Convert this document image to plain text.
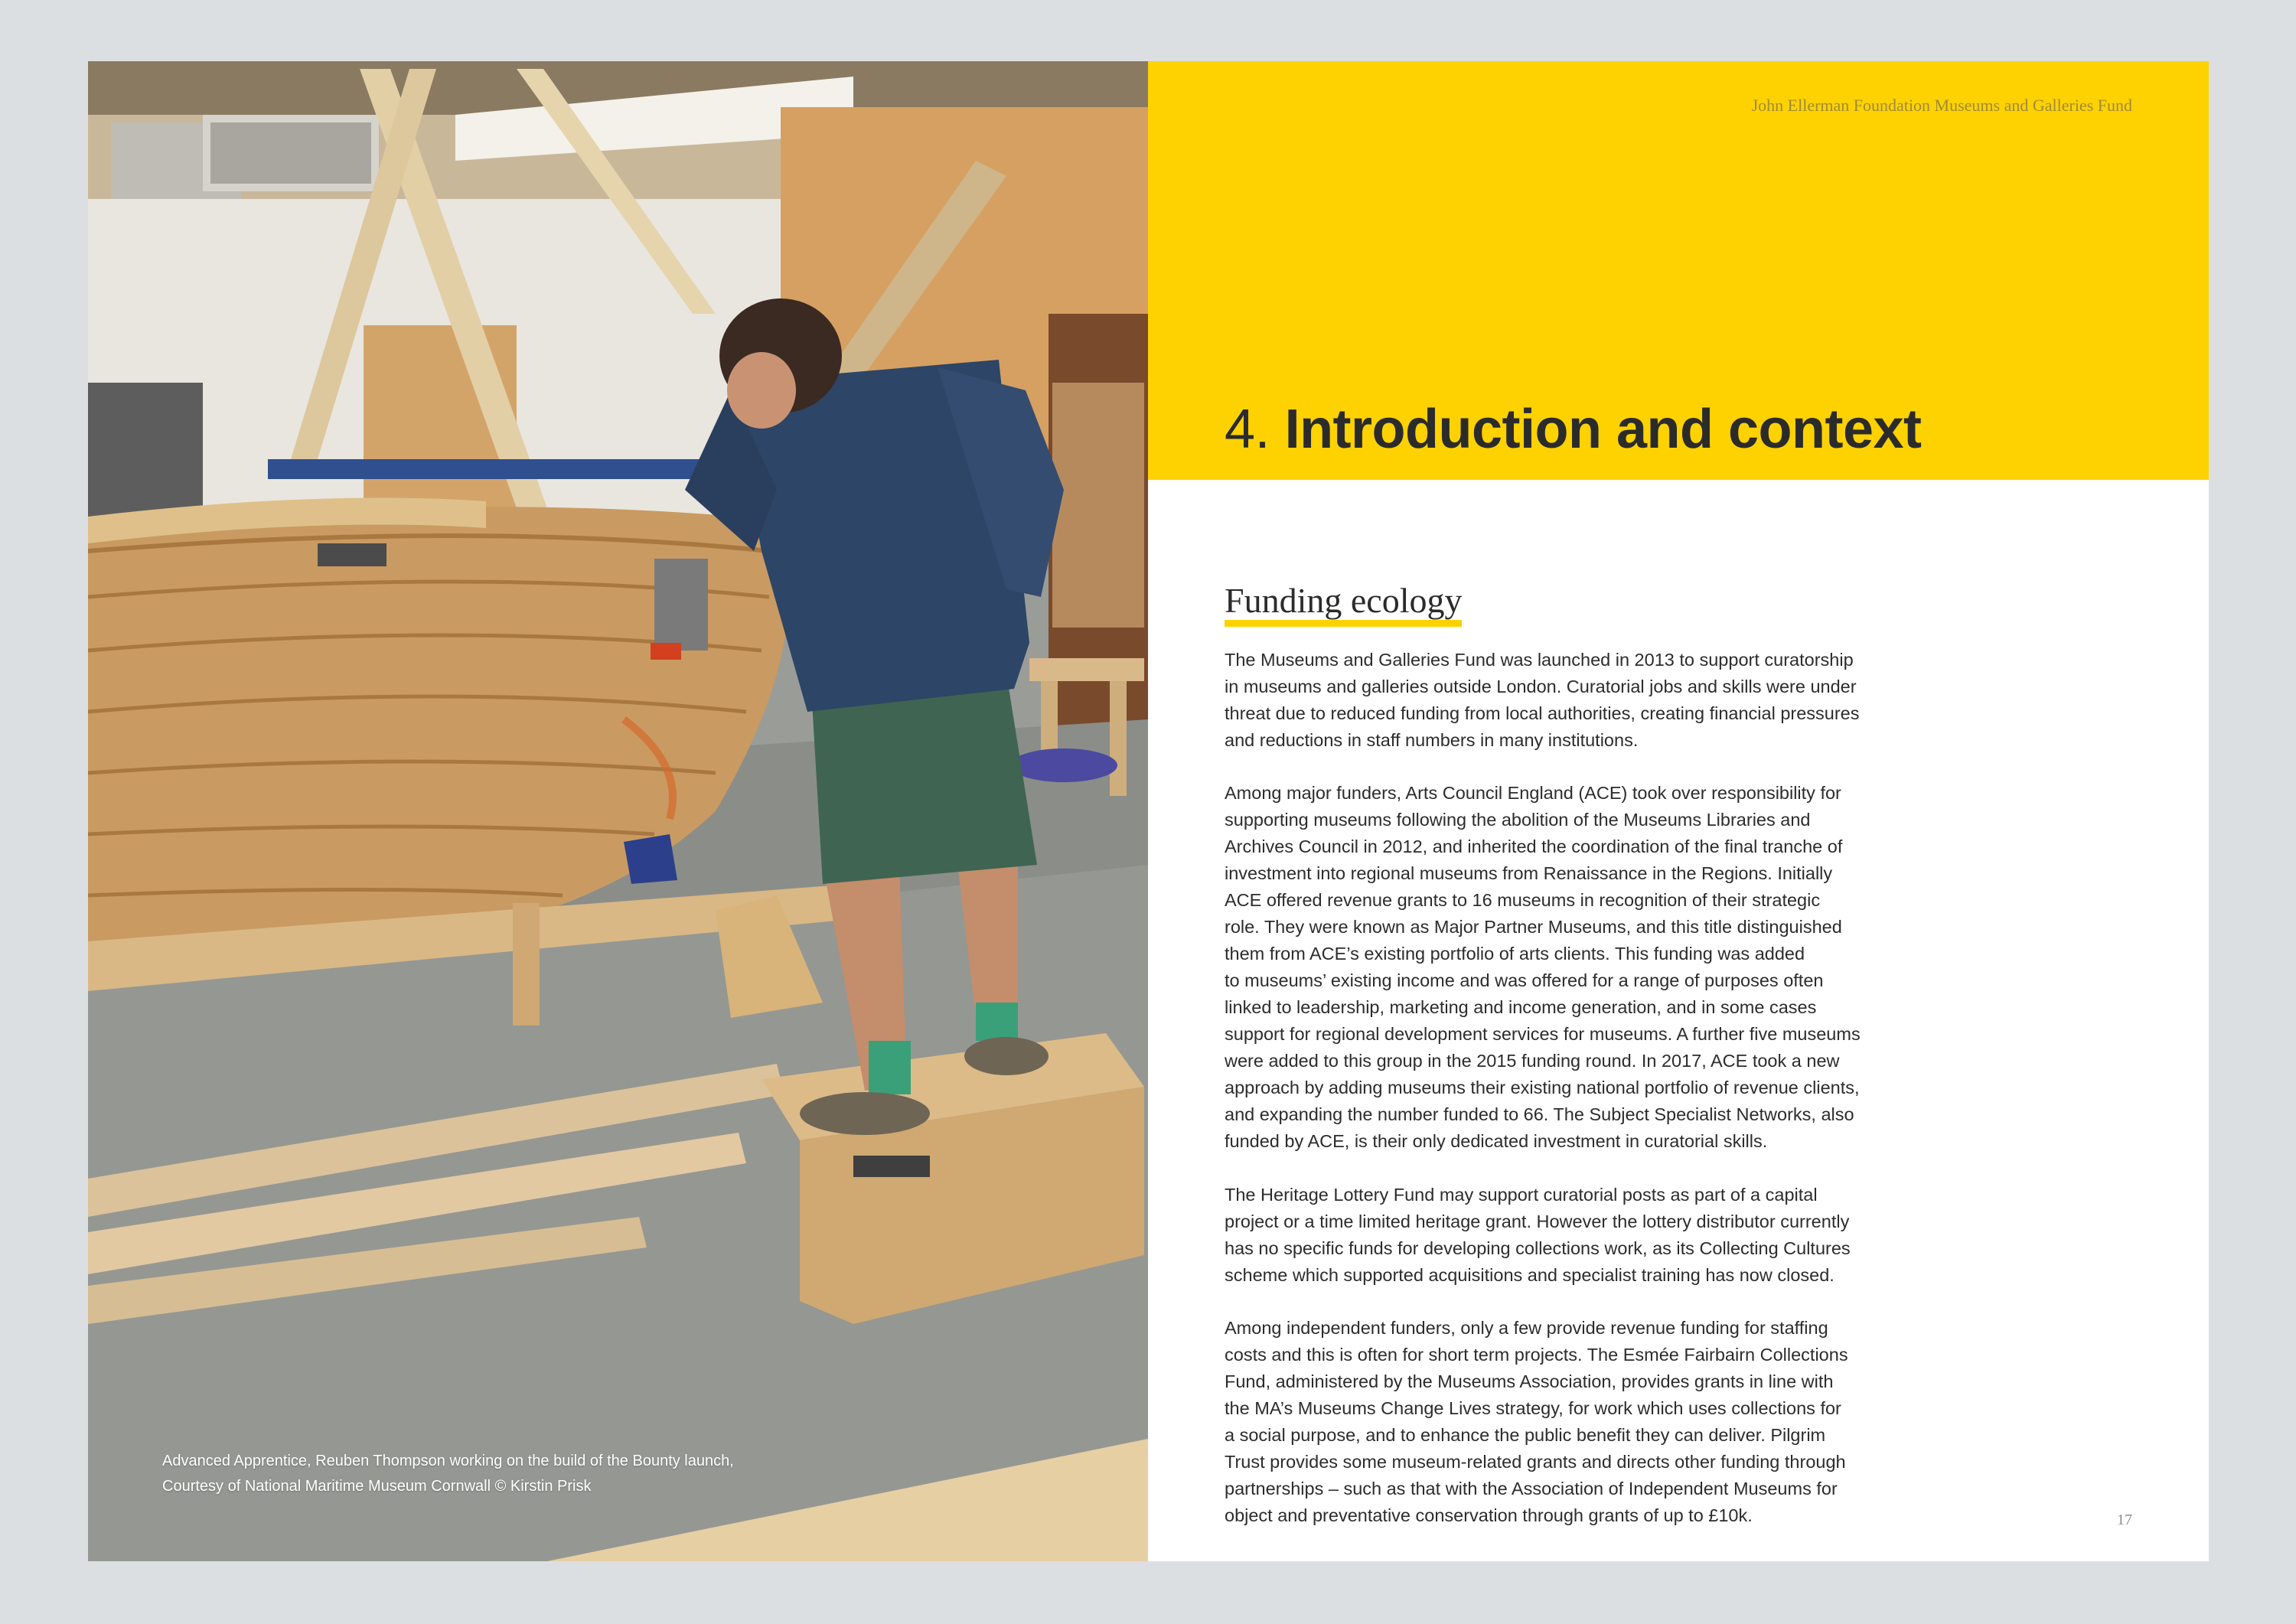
Advanced Apprentice, Reuben Thompson working on the build of the Bounty launch,
Courtesy of National Maritime Museum Cornwall © Kirstin Prisk
John Ellerman Foundation Museums and Galleries Fund
4. Introduction and context
Funding ecology
The Museums and Galleries Fund was launched in 2013 to support curatorship
in museums and galleries outside London. Curatorial jobs and skills were under
threat due to reduced funding from local authorities, creating financial pressures
and reductions in staff numbers in many institutions.
Among major funders, Arts Council England (ACE) took over responsibility for
supporting museums following the abolition of the Museums Libraries and
Archives Council in 2012, and inherited the coordination of the final tranche of
investment into regional museums from Renaissance in the Regions. Initially
ACE offered revenue grants to 16 museums in recognition of their strategic
role. They were known as Major Partner Museums, and this title distinguished
them from ACE’s existing portfolio of arts clients. This funding was added
to museums’ existing income and was offered for a range of purposes often
linked to leadership, marketing and income generation, and in some cases
support for regional development services for museums. A further five museums
were added to this group in the 2015 funding round. In 2017, ACE took a new
approach by adding museums their existing national portfolio of revenue clients,
and expanding the number funded to 66. The Subject Specialist Networks, also
funded by ACE, is their only dedicated investment in curatorial skills.
The Heritage Lottery Fund may support curatorial posts as part of a capital
project or a time limited heritage grant. However the lottery distributor currently
has no specific funds for developing collections work, as its Collecting Cultures
scheme which supported acquisitions and specialist training has now closed.
Among independent funders, only a few provide revenue funding for staffing
costs and this is often for short term projects. The Esmée Fairbairn Collections
Fund, administered by the Museums Association, provides grants in line with
the MA’s Museums Change Lives strategy, for work which uses collections for
a social purpose, and to enhance the public benefit they can deliver. Pilgrim
Trust provides some museum-related grants and directs other funding through
partnerships – such as that with the Association of Independent Museums for
object and preventative conservation through grants of up to £10k.	17
